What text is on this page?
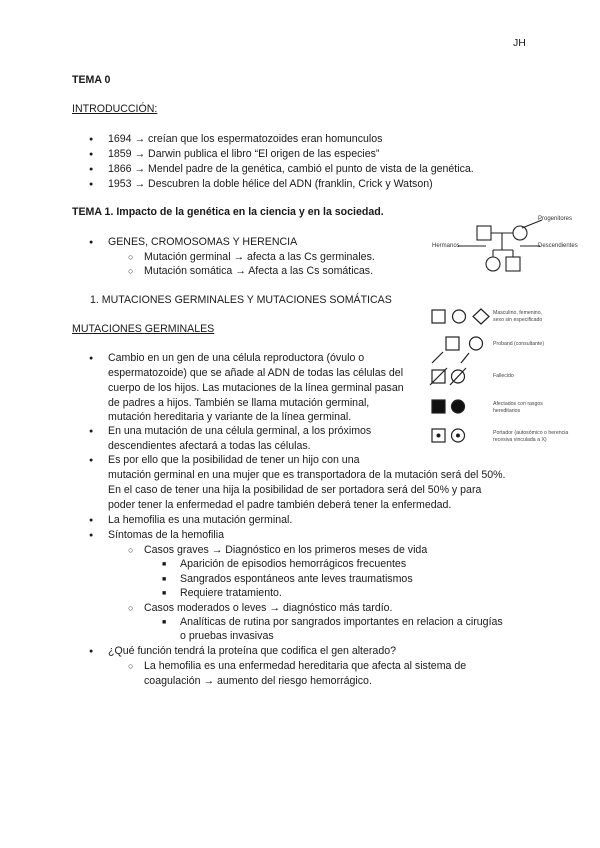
JH
TEMA 0
INTRODUCCIÓN:
● 1694 → creían que los espermatozoides eran homunculos
● 1859 → Darwin publica el libro “El origen de las especies”
● 1866 → Mendel padre de la genética, cambió el punto de vista de la genética.
● 1953 → Descubren la doble hélice del ADN (franklin, Crick y Watson)
TEMA 1. Impacto de la genética en la ciencia y en la sociedad.
● GENES, CROMOSOMAS Y HERENCIA
○ Mutación germinal → afecta a las Cs germinales.
○ Mutación somática → Afecta a las Cs somáticas.
1. MUTACIONES GERMINALES Y MUTACIONES SOMÁTICAS
MUTACIONES GERMINALES
● Cambio en un gen de una célula reproductora (óvulo o
espermatozoide) que se añade al ADN de todas las células del
cuerpo de los hijos. Las mutaciones de la línea germinal pasan
de padres a hijos. También se llama mutación germinal,
mutación hereditaria y variante de la línea germinal.
● En una mutación de una célula germinal, a los próximos
descendientes afectará a todas las células.
● Es por ello que la posibilidad de tener un hijo con una
mutación germinal en una mujer que es transportadora de la mutación será del 50%.
En el caso de tener una hija la posibilidad de ser portadora será del 50% y para
poder tener la enfermedad el padre también deberá tener la enfermedad.
● La hemofilia es una mutación germinal.
● Síntomas de la hemofilia
○ Casos graves → Diagnóstico en los primeros meses de vida
■ Aparición de episodios hemorrágicos frecuentes
■ Sangrados espontáneos ante leves traumatismos
■ Requiere tratamiento.
○ Casos moderados o leves → diagnóstico más tardío.
■ Analíticas de rutina por sangrados importantes en relacion a cirugías
o pruebas invasivas
● ¿Qué función tendrá la proteína que codifica el gen alterado?
○ La hemofilia es una enfermedad hereditaria que afecta al sistema de
coagulación → aumento del riesgo hemorrágico.
Progenitores
Hermanos	Descendientes
Masculino, femenino,
sexo sin especificado
Proband (consultante)
Fallecido
Afectados con rasgos
hereditarios
Portador (autosómico o herencia
recesiva vinculada a X)
